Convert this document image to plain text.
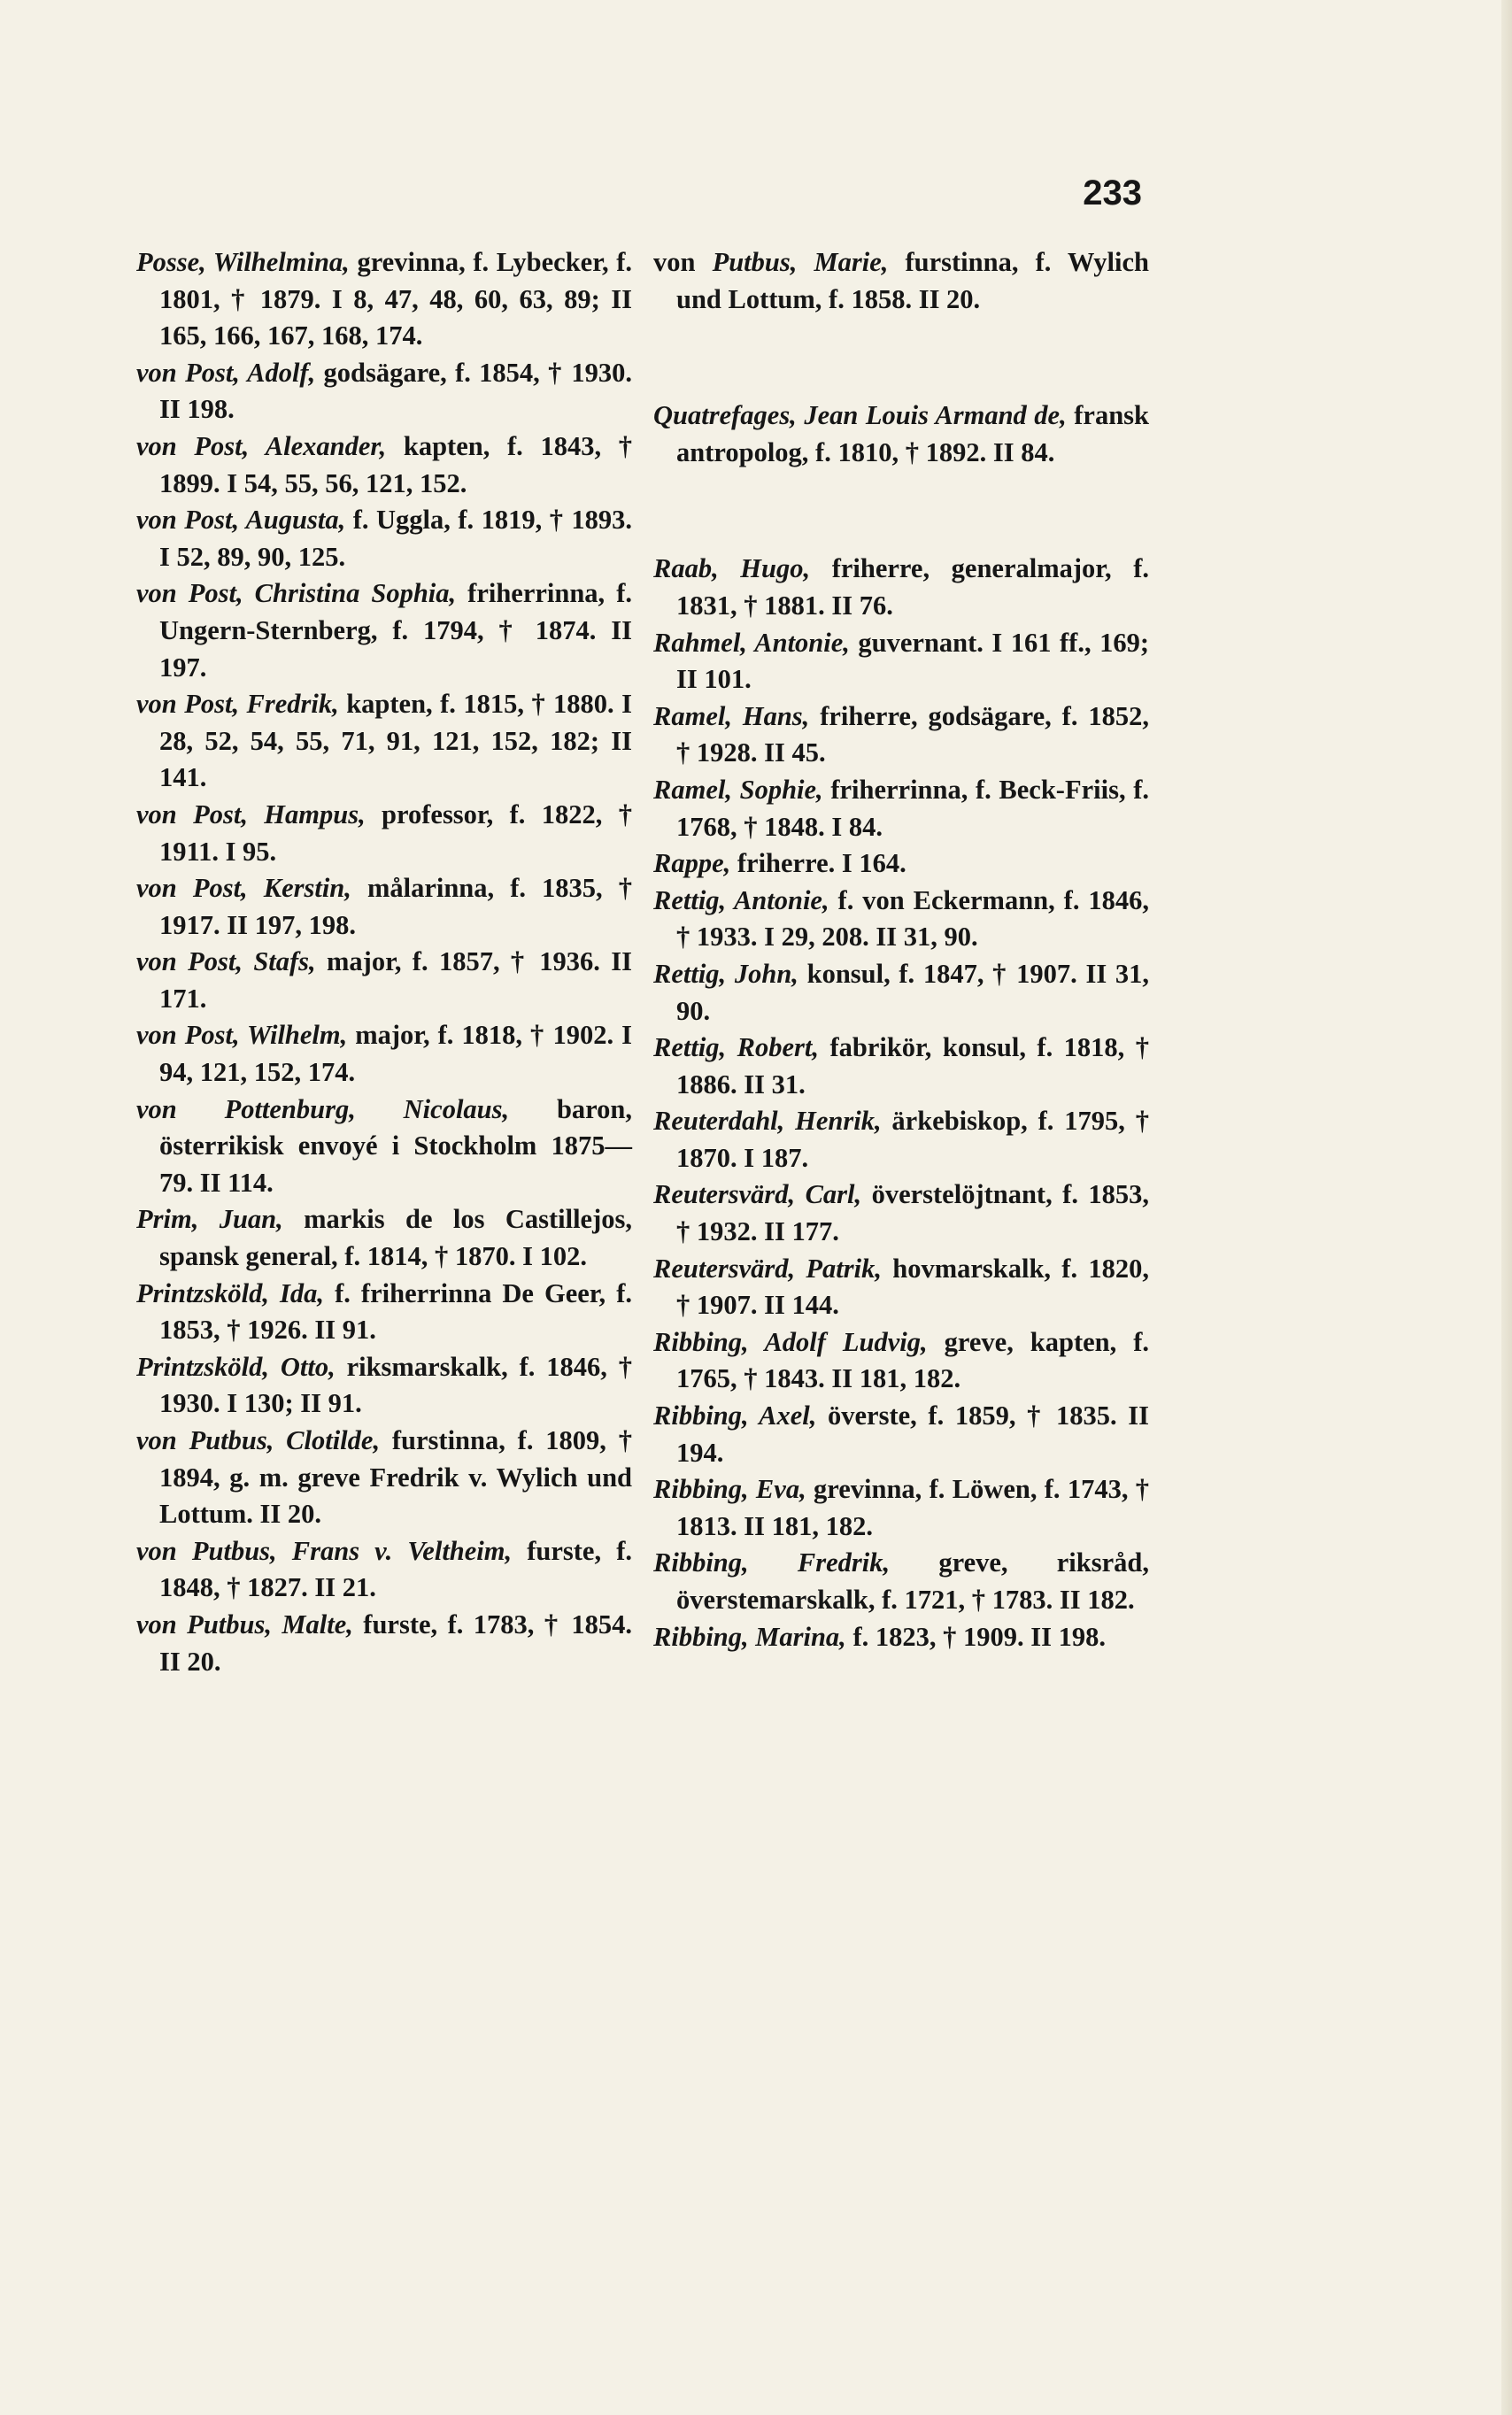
233
Posse, Wilhelmina, grevinna, f. Lybecker, f. 1801, † 1879. I 8, 47, 48, 60, 63, 89; II 165, 166, 167, 168, 174.
von Post, Adolf, godsägare, f. 1854, † 1930. II 198.
von Post, Alexander, kapten, f. 1843, † 1899. I 54, 55, 56, 121, 152.
von Post, Augusta, f. Uggla, f. 1819, † 1893. I 52, 89, 90, 125.
von Post, Christina Sophia, friherrinna, f. Ungern-Sternberg, f. 1794, † 1874. II 197.
von Post, Fredrik, kapten, f. 1815, † 1880. I 28, 52, 54, 55, 71, 91, 121, 152, 182; II 141.
von Post, Hampus, professor, f. 1822, † 1911. I 95.
von Post, Kerstin, målarinna, f. 1835, † 1917. II 197, 198.
von Post, Stafs, major, f. 1857, † 1936. II 171.
von Post, Wilhelm, major, f. 1818, † 1902. I 94, 121, 152, 174.
von Pottenburg, Nicolaus, baron, österrikisk envoyé i Stockholm 1875—79. II 114.
Prim, Juan, markis de los Castillejos, spansk general, f. 1814, † 1870. I 102.
Printzsköld, Ida, f. friherrinna De Geer, f. 1853, † 1926. II 91.
Printzsköld, Otto, riksmarskalk, f. 1846, † 1930. I 130; II 91.
von Putbus, Clotilde, furstinna, f. 1809, † 1894, g. m. greve Fredrik v. Wylich und Lottum. II 20.
von Putbus, Frans v. Veltheim, furste, f. 1848, † 1827. II 21.
von Putbus, Malte, furste, f. 1783, † 1854. II 20.
von Putbus, Marie, furstinna, f. Wylich und Lottum, f. 1858. II 20.
Quatrefages, Jean Louis Armand de, fransk antropolog, f. 1810, † 1892. II 84.
Raab, Hugo, friherre, generalmajor, f. 1831, † 1881. II 76.
Rahmel, Antonie, guvernant. I 161 ff., 169; II 101.
Ramel, Hans, friherre, godsägare, f. 1852, † 1928. II 45.
Ramel, Sophie, friherrinna, f. Beck-Friis, f. 1768, † 1848. I 84.
Rappe, friherre. I 164.
Rettig, Antonie, f. von Eckermann, f. 1846, † 1933. I 29, 208. II 31, 90.
Rettig, John, konsul, f. 1847, † 1907. II 31, 90.
Rettig, Robert, fabrikör, konsul, f. 1818, † 1886. II 31.
Reuterdahl, Henrik, ärkebiskop, f. 1795, † 1870. I 187.
Reutersvärd, Carl, överstelöjtnant, f. 1853, † 1932. II 177.
Reutersvärd, Patrik, hovmarskalk, f. 1820, † 1907. II 144.
Ribbing, Adolf Ludvig, greve, kapten, f. 1765, † 1843. II 181, 182.
Ribbing, Axel, överste, f. 1859, † 1835. II 194.
Ribbing, Eva, grevinna, f. Löwen, f. 1743, † 1813. II 181, 182.
Ribbing, Fredrik, greve, riksråd, överstemarskalk, f. 1721, † 1783. II 182.
Ribbing, Marina, f. 1823, † 1909. II 198.
